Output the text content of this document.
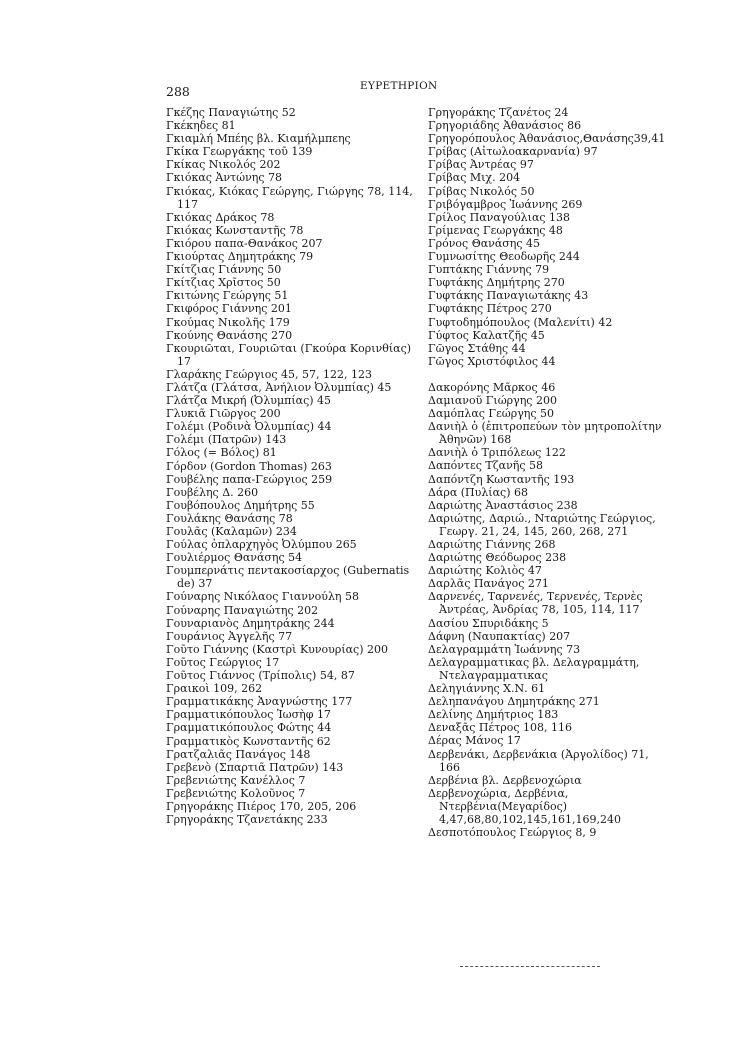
288	ΕΥΡΕΤΗΡΙΟΝ
Γκέζης Παναγιώτης 52
Γκέκηδες 81
Γκιαμλή Μπέης βλ. Κιαμήλμπεης
Γκίκα Γεωργάκης τοῦ 139
Γκίκας Νικολός 202
Γκιόκας Ἀντώνης 78
Γκιόκας, Κιόκας Γεώργης, Γιώργης 78, 114, 117
Γκιόκας Δράκος 78
Γκιόκας Κωνσταντῆς 78
Γκιόρου παπα-Θανάκος 207
Γκιούρτας Δημητράκης 79
Γκίτζιας Γιάννης 50
Γκίτζιας Χρῖστος 50
Γκιτώνης Γεώργης 51
Γκιφόρος Γιάννης 201
Γκούμας Νικολῆς 179
Γκούνης Θανάσης 270
Γκουριῶται, Γουριῶται (Γκούρα Κορινθίας) 17
Γλαράκης Γεώργιος 45, 57, 122, 123
Γλάτζα (Γλάτσα, Ἀνήλιον Ὀλυμπίας) 45
Γλάτζα Μικρή (Ὀλυμπίας) 45
Γλυκιᾶ Γιῶργος 200
Γολέμι (Ροδινὰ Ὀλυμπίας) 44
Γολέμι (Πατρῶν) 143
Γόλος (= Βόλος) 81
Γόρδον (Gordon Thomas) 263
Γουβέλης παπα-Γεώργιος 259
Γουβέλης Δ. 260
Γουβόπουλος Δημήτρης 55
Γουλάκης Θανάσης 78
Γουλᾶς (Καλαμῶν) 234
Γούλας ὁπλαρχηγὸς Ὀλύμπου 265
Γουλιέρμος Θανάσης 54
Γουμπερνάτις πεντακοσίαρχος (Gubernatis de) 37
Γούναρης Νικόλαος Γιαννούλη 58
Γούναρης Παναγιώτης 202
Γουναριανὸς Δημητράκης 244
Γουράνιος Ἀγγελῆς 77
Γοῦτο Γιάννης (Καστρὶ Κυνουρίας) 200
Γοῦτος Γεώργιος 17
Γοῦτος Γιάννος (Τρίπολις) 54, 87
Γραικοὶ 109, 262
Γραμματικάκης Ἀναγνώστης 177
Γραμματικόπουλος Ἰωσὴφ 17
Γραμματικόπουλος Φώτης 44
Γραμματικὸς Κωνσταντῆς 62
Γρατζαλιᾶς Πανάγος 148
Γρεβενὸ (Σπαρτιᾶ Πατρῶν) 143
Γρεβενιώτης Κανέλλος 7
Γρεβενιώτης Κολοῦνος 7
Γρηγοράκης Πιέρος 170, 205, 206
Γρηγοράκης Τζανετάκης 233
Γρηγοράκης Τζανέτος 24
Γρηγοριάδης Ἀθανάσιος 86
Γρηγορόπουλος Ἀθανάσιος,Θανάσης39,41
Γρίβας (Αἰτωλοακαρνανία) 97
Γρίβας Ἀντρέας 97
Γρίβας Μιχ. 204
Γρίβας Νικολός 50
Γριβόγαμβρος Ἰωάννης 269
Γρίλος Παναγούλιας 138
Γρίμενας Γεωργάκης 48
Γρόνος Θανάσης 45
Γυμνωσίτης Θεοδωρῆς 244
Γυπτάκης Γιάννης 79
Γυφτάκης Δημήτρης 270
Γυφτάκης Παναγιωτάκης 43
Γυφτάκης Πέτρος 270
Γυφτοδημόπουλος (Μαλενίτι) 42
Γύφτος Καλατζῆς 45
Γῶγος Στάθης 44
Γῶγος Χριστόφιλος 44
Δακορόνης Μᾶρκος 46
Δαμιανοῦ Γιώργης 200
Δαμόπλας Γεώργης 50
Δανιὴλ ὁ (ἐπιτροπεύων τὸν μητροπολίτην Ἀθηνῶν) 168
Δανιὴλ ὁ Τριπόλεως 122
Δαπόντες Τζανῆς 58
Δαπόντζη Κωσταντῆς 193
Δάρα (Πυλίας) 68
Δαριώτης Ἀναστάσιος 238
Δαριώτης, Δαριώ., Νταριώτης Γεώργιος, Γεωργ. 21, 24, 145, 260, 268, 271
Δαριώτης Γιάννης 268
Δαριώτης Θεόδωρος 238
Δαριώτης Κολιὸς 47
Δαρλᾶς Πανάγος 271
Δαρνενές, Ταρνενές, Τερνενές, Τερνὲς Ἀντρέας, Ἀνδρίας 78, 105, 114, 117
Δασίου Σπυριδάκης 5
Δάφνη (Ναυπακτίας) 207
Δελαγραμμάτη Ἰωάννης 73
Δελαγραμματικας βλ. Δελαγραμμάτη, Ντελαγραμματικας
Δεληγιάννης Χ.Ν. 61
Δεληπανάγου Δημητράκης 271
Δελίνης Δημήτριος 183
Δεναξᾶς Πέτρος 108, 116
Δέρας Μάνος 17
Δερβενάκι, Δερβενάκια (Ἀργολίδος) 71, 166
Δερβένια βλ. Δερβενοχώρια
Δερβενοχώρια, Δερβένια, Ντερβένια(Μεγαρίδος) 4,47,68,80,102,145,161,169,240
Δεσποτόπουλος Γεώργιος 8, 9
